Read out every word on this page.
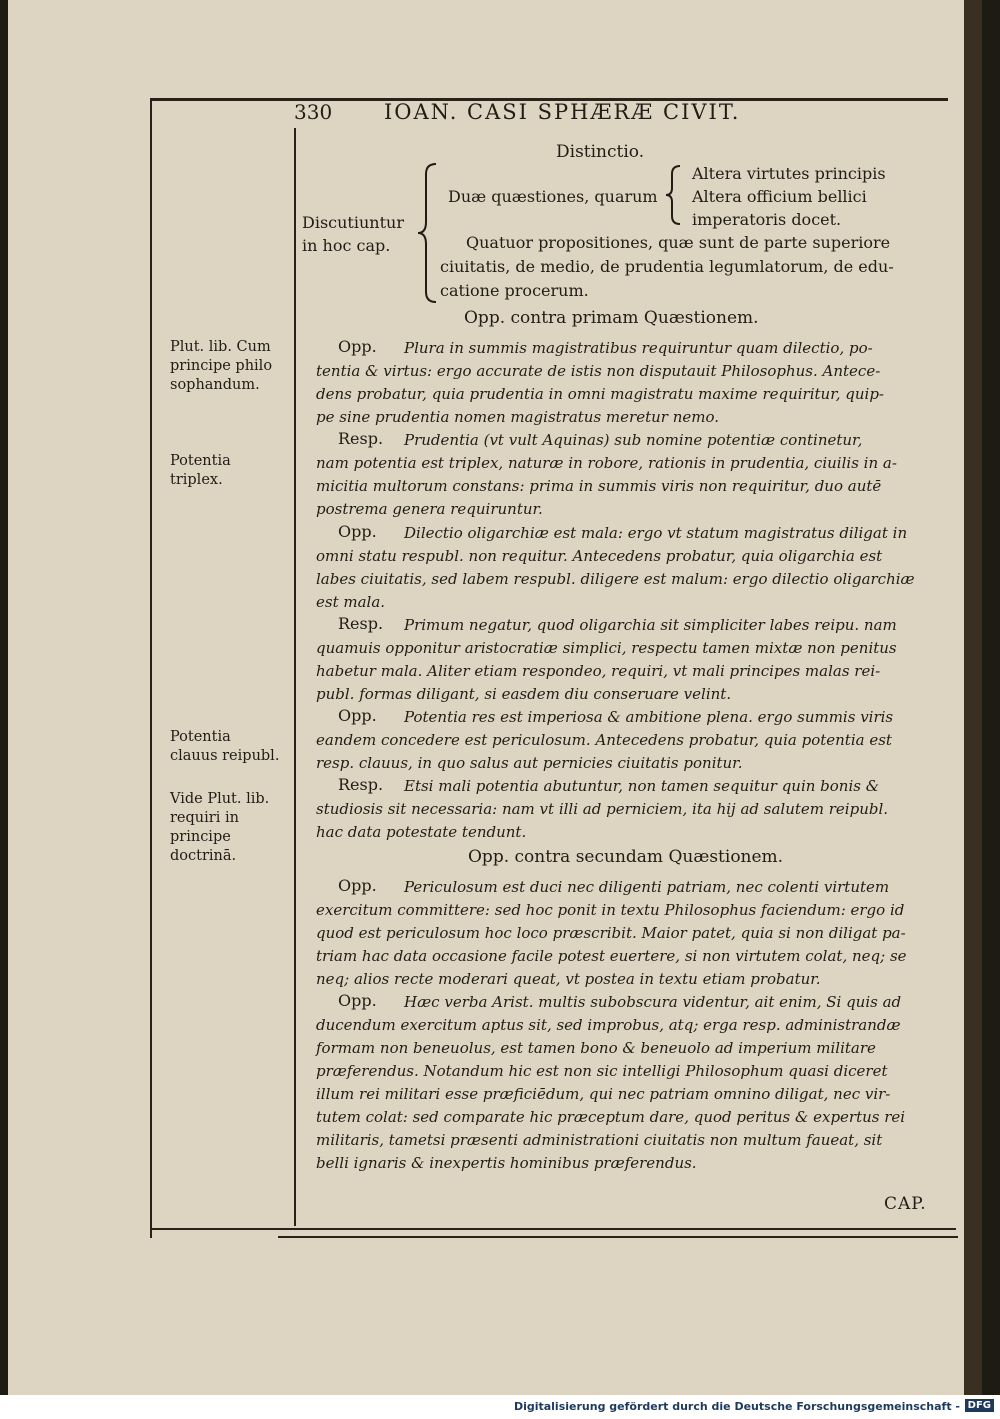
330 IOAN. CASI SPHÆRÆ CIVIT.
Distinctio.
Discutiuntur
in hoc cap.
Duæ quæstiones, quarum
Altera virtutes principis
Altera officium bellici
imperatoris docet.
Quatuor propositiones, quæ sunt de parte superiore
ciuitatis, de medio, de prudentia legumlatorum, de edu-
catione procerum.
Opp. contra primam Quæstionem.
Opp. contra secundam Quæstionem.
Opp. Plura in summis magistratibus requiruntur quam dilectio, po-
tentia & virtus: ergo accurate de istis non disputauit Philosophus. Antece-
dens probatur, quia prudentia in omni magistratu maxime requiritur, quip-
pe sine prudentia nomen magistratus meretur nemo.
Resp. Prudentia (vt vult Aquinas) sub nomine potentiæ continetur,
nam potentia est triplex, naturæ in robore, rationis in prudentia, ciuilis in a-
micitia multorum constans: prima in summis viris non requiritur, duo autē
postrema genera requiruntur.
Opp. Dilectio oligarchiæ est mala: ergo vt statum magistratus diligat in
omni statu respubl. non requitur. Antecedens probatur, quia oligarchia est
labes ciuitatis, sed labem respubl. diligere est malum: ergo dilectio oligarchiæ
est mala.
Resp. Primum negatur, quod oligarchia sit simpliciter labes reipu. nam
quamuis opponitur aristocratiæ simplici, respectu tamen mixtæ non penitus
habetur mala. Aliter etiam respondeo, requiri, vt mali principes malas rei-
publ. formas diligant, si easdem diu conseruare velint.
Opp. Potentia res est imperiosa & ambitione plena. ergo summis viris
eandem concedere est periculosum. Antecedens probatur, quia potentia est
resp. clauus, in quo salus aut pernicies ciuitatis ponitur.
Resp. Etsi mali potentia abutuntur, non tamen sequitur quin bonis &
studiosis sit necessaria: nam vt illi ad perniciem, ita hij ad salutem reipubl.
hac data potestate tendunt.
Opp. Periculosum est duci nec diligenti patriam, nec colenti virtutem
exercitum committere: sed hoc ponit in textu Philosophus faciendum: ergo id
quod est periculosum hoc loco præscribit. Maior patet, quia si non diligat pa-
triam hac data occasione facile potest euertere, si non virtutem colat, neq; se
neq; alios recte moderari queat, vt postea in textu etiam probatur.
Opp. Hæc verba Arist. multis subobscura videntur, ait enim, Si quis ad
ducendum exercitum aptus sit, sed improbus, atq; erga resp. administrandæ
formam non beneuolus, est tamen bono & beneuolo ad imperium militare
præferendus. Notandum hic est non sic intelligi Philosophum quasi diceret
illum rei militari esse præficiēdum, qui nec patriam omnino diligat, nec vir-
tutem colat: sed comparate hic præceptum dare, quod peritus & expertus rei
militaris, tametsi præsenti administrationi ciuitatis non multum faueat, sit
belli ignaris & inexpertis hominibus præferendus.
Plut. lib. Cum principe philo sophandum.
Potentia triplex.
Potentia clauus reipubl.
Vide Plut. lib. requiri in principe doctrinā.
CAP.
Digitalisierung gefördert durch die Deutsche Forschungsgemeinschaft - DFG
